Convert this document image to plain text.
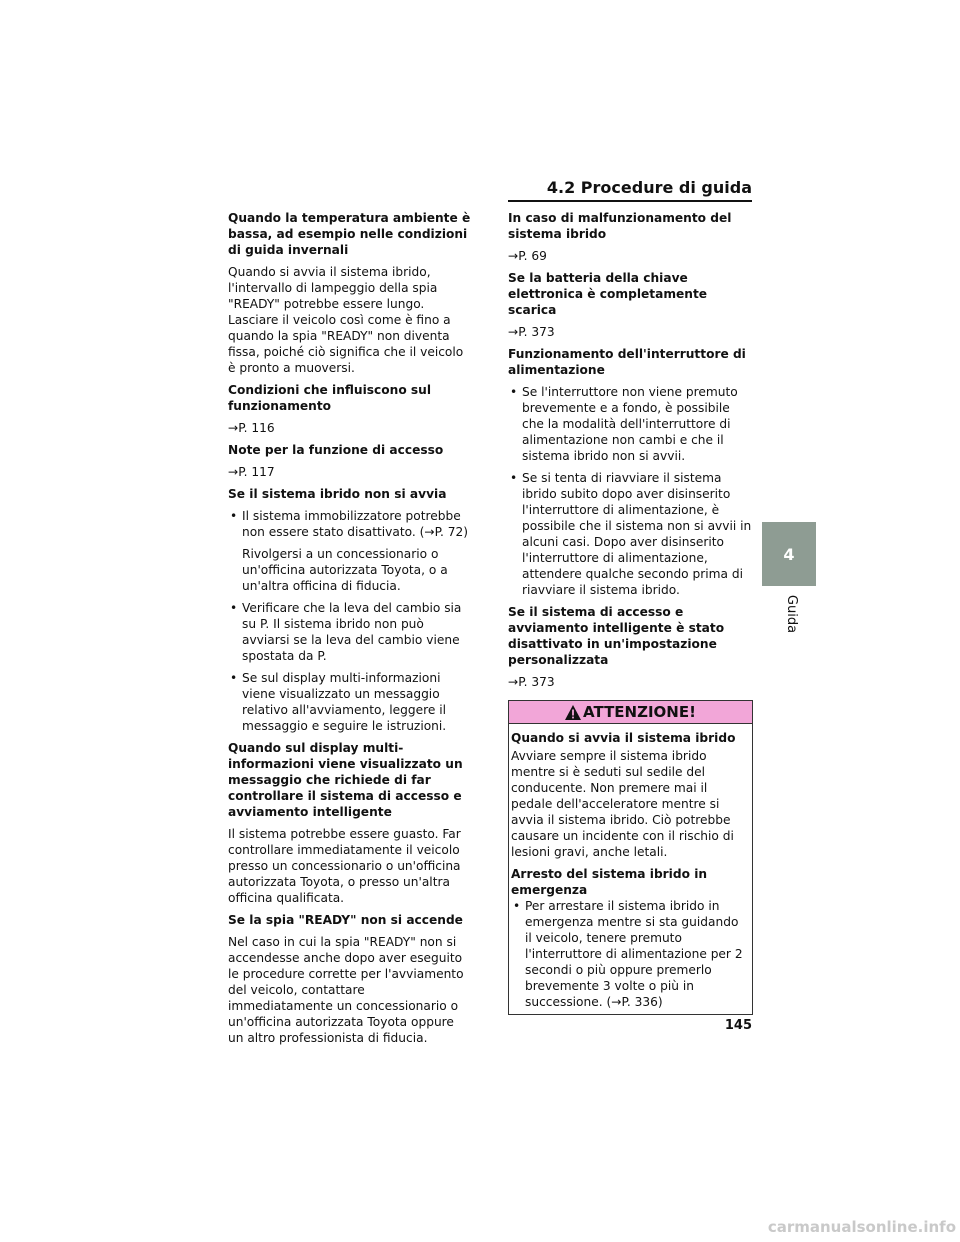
4.2 Procedure di guida
Quando la temperatura ambiente è bassa, ad esempio nelle condizioni di guida invernali
Quando si avvia il sistema ibrido, l'intervallo di lampeggio della spia "READY" potrebbe essere lungo. Lasciare il veicolo così come è fino a quando la spia "READY" non diventa fissa, poiché ciò significa che il veicolo è pronto a muoversi.
Condizioni che influiscono sul funzionamento
→P. 116
Note per la funzione di accesso
→P. 117
Se il sistema ibrido non si avvia
• Il sistema immobilizzatore potrebbe non essere stato disattivato. (→P. 72)
Rivolgersi a un concessionario o un'officina autorizzata Toyota, o a un'altra officina di fiducia.
• Verificare che la leva del cambio sia su P. Il sistema ibrido non può avviarsi se la leva del cambio viene spostata da P.
• Se sul display multi-informazioni viene visualizzato un messaggio relativo all'avviamento, leggere il messaggio e seguire le istruzioni.
Quando sul display multi-informazioni viene visualizzato un messaggio che richiede di far controllare il sistema di accesso e avviamento intelligente
Il sistema potrebbe essere guasto. Far controllare immediatamente il veicolo presso un concessionario o un'officina autorizzata Toyota, o presso un'altra officina qualificata.
Se la spia "READY" non si accende
Nel caso in cui la spia "READY" non si accendesse anche dopo aver eseguito le procedure corrette per l'avviamento del veicolo, contattare immediatamente un concessionario o un'officina autorizzata Toyota oppure un altro professionista di fiducia.
In caso di malfunzionamento del sistema ibrido
→P. 69
Se la batteria della chiave elettronica è completamente scarica
→P. 373
Funzionamento dell'interruttore di alimentazione
• Se l'interruttore non viene premuto brevemente e a fondo, è possibile che la modalità dell'interruttore di alimentazione non cambi e che il sistema ibrido non si avvii.
• Se si tenta di riavviare il sistema ibrido subito dopo aver disinserito l'interruttore di alimentazione, è possibile che il sistema non si avvii in alcuni casi. Dopo aver disinserito l'interruttore di alimentazione, attendere qualche secondo prima di riavviare il sistema ibrido.
Se il sistema di accesso e avviamento intelligente è stato disattivato in un'impostazione personalizzata
→P. 373
ATTENZIONE!
Quando si avvia il sistema ibrido
Avviare sempre il sistema ibrido mentre si è seduti sul sedile del conducente. Non premere mai il pedale dell'acceleratore mentre si avvia il sistema ibrido. Ciò potrebbe causare un incidente con il rischio di lesioni gravi, anche letali.
Arresto del sistema ibrido in emergenza
• Per arrestare il sistema ibrido in emergenza mentre si sta guidando il veicolo, tenere premuto l'interruttore di alimentazione per 2 secondi o più oppure premerlo brevemente 3 volte o più in successione. (→P. 336)
4
Guida
145
carmanualsonline.info
